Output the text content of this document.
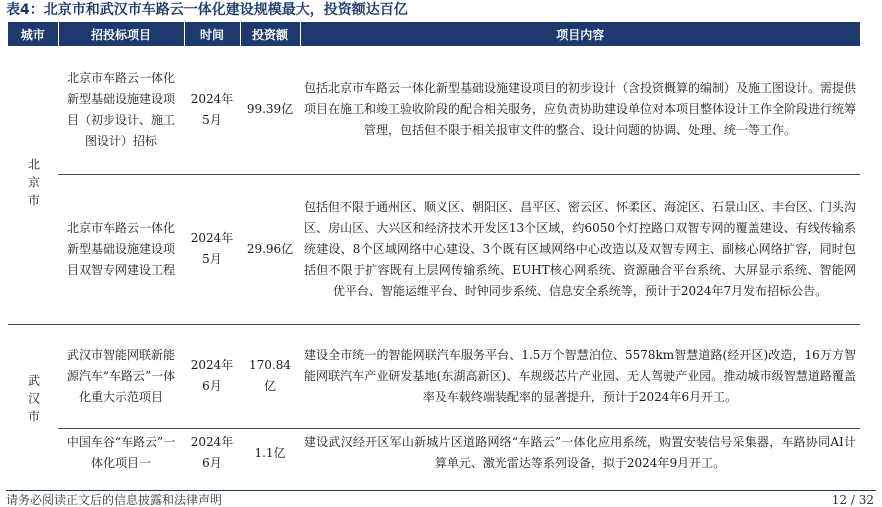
表4：北京市和武汉市车路云一体化建设规模最大，投资额达百亿
城市	招投标项目	时间	投资额	项目内容

北京市	北京市车路云一体化新型基础设施建设项目（初步设计、施工图设计）招标	2024年5月	99.39亿	包括北京市车路云一体化新型基础设施建设项目的初步设计（含投资概算的编制）及施工图设计。需提供项目在施工和竣工验收阶段的配合相关服务，应负责协助建设单位对本项目整体设计工作全阶段进行统筹管理，包括但不限于相关报审文件的整合、设计问题的协调、处理、统一等工作。
	北京市车路云一体化新型基础设施建设项目双智专网建设工程	2024年5月	29.96亿	包括但不限于通州区、顺义区、朝阳区、昌平区、密云区、怀柔区、海淀区、石景山区、丰台区、门头沟区、房山区、大兴区和经济技术开发区13个区域，约6050个灯控路口双智专网的覆盖建设、有线传输系统建设、8个区域网络中心建设、3个既有区域网络中心改造以及双智专网主、副核心网络扩容，同时包括但不限于扩容既有上层网传输系统、EUHT核心网系统、资源融合平台系统、大屏显示系统、智能网优平台、智能运维平台、时钟同步系统、信息安全系统等，预计于2024年7月发布招标公告。

武汉市	武汉市智能网联新能源汽车“车路云”一体化重大示范项目	2024年6月	170.84亿	建设全市统一的智能网联汽车服务平台、1.5万个智慧泊位、5578km智慧道路(经开区)改造，16万方智能网联汽车产业研发基地(东湖高新区)、车规级芯片产业园、无人驾驶产业园。推动城市级智慧道路覆盖率及车载终端装配率的显著提升，预计于2024年6月开工。
	中国车谷“车路云”一体化项目一	2024年6月	1.1亿	建设武汉经开区军山新城片区道路网络“车路云”一体化应用系统，购置安装信号采集器，车路协同AI计算单元、激光雷达等系列设备，拟于2024年9月开工。
请务必阅读正文后的信息披露和法律声明	12 / 32
